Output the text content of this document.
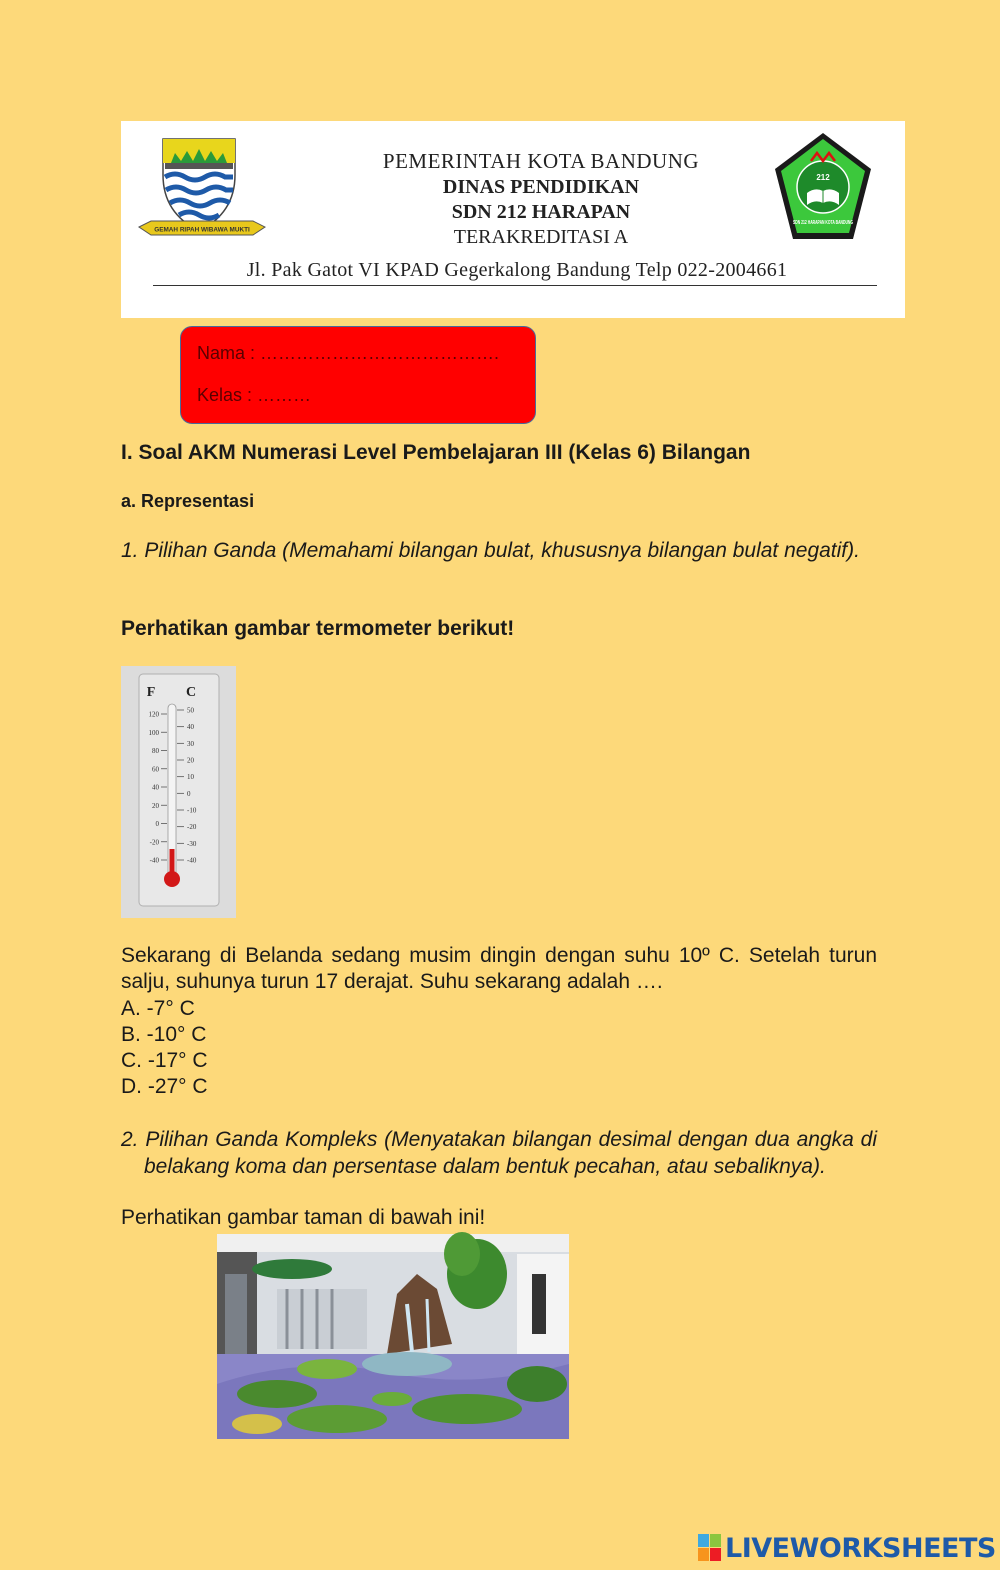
GEMAH RIPAH WIBAWA MUKTI
PEMERINTAH KOTA BANDUNG
DINAS PENDIDIKAN
SDN 212 HARAPAN
TERAKREDITASI A
212
SDN 212 HARAPAN KOTA BANDUNG
Jl. Pak Gatot VI KPAD Gegerkalong Bandung Telp 022-2004661
Nama : ………………………………….
Kelas : ………
I. Soal AKM Numerasi Level Pembelajaran III (Kelas 6) Bilangan
a. Representasi
1. Pilihan Ganda (Memahami bilangan bulat, khususnya bilangan bulat negatif).
Perhatikan gambar termometer berikut!
F C
120
100
80
60
40
20
0
-20
-40
50
40
30
20
10
0
-10
-20
-30
-40
Sekarang di Belanda sedang musim dingin dengan suhu 10º C. Setelah turun salju, suhunya turun 17 derajat. Suhu sekarang adalah ….
A. -7° C
B. -10° C
C. -17° C
D. -27° C
2. Pilihan Ganda Kompleks (Menyatakan bilangan desimal dengan dua angka di belakang koma dan persentase dalam bentuk pecahan, atau sebaliknya).
Perhatikan gambar taman di bawah ini!
LIVEWORKSHEETS
